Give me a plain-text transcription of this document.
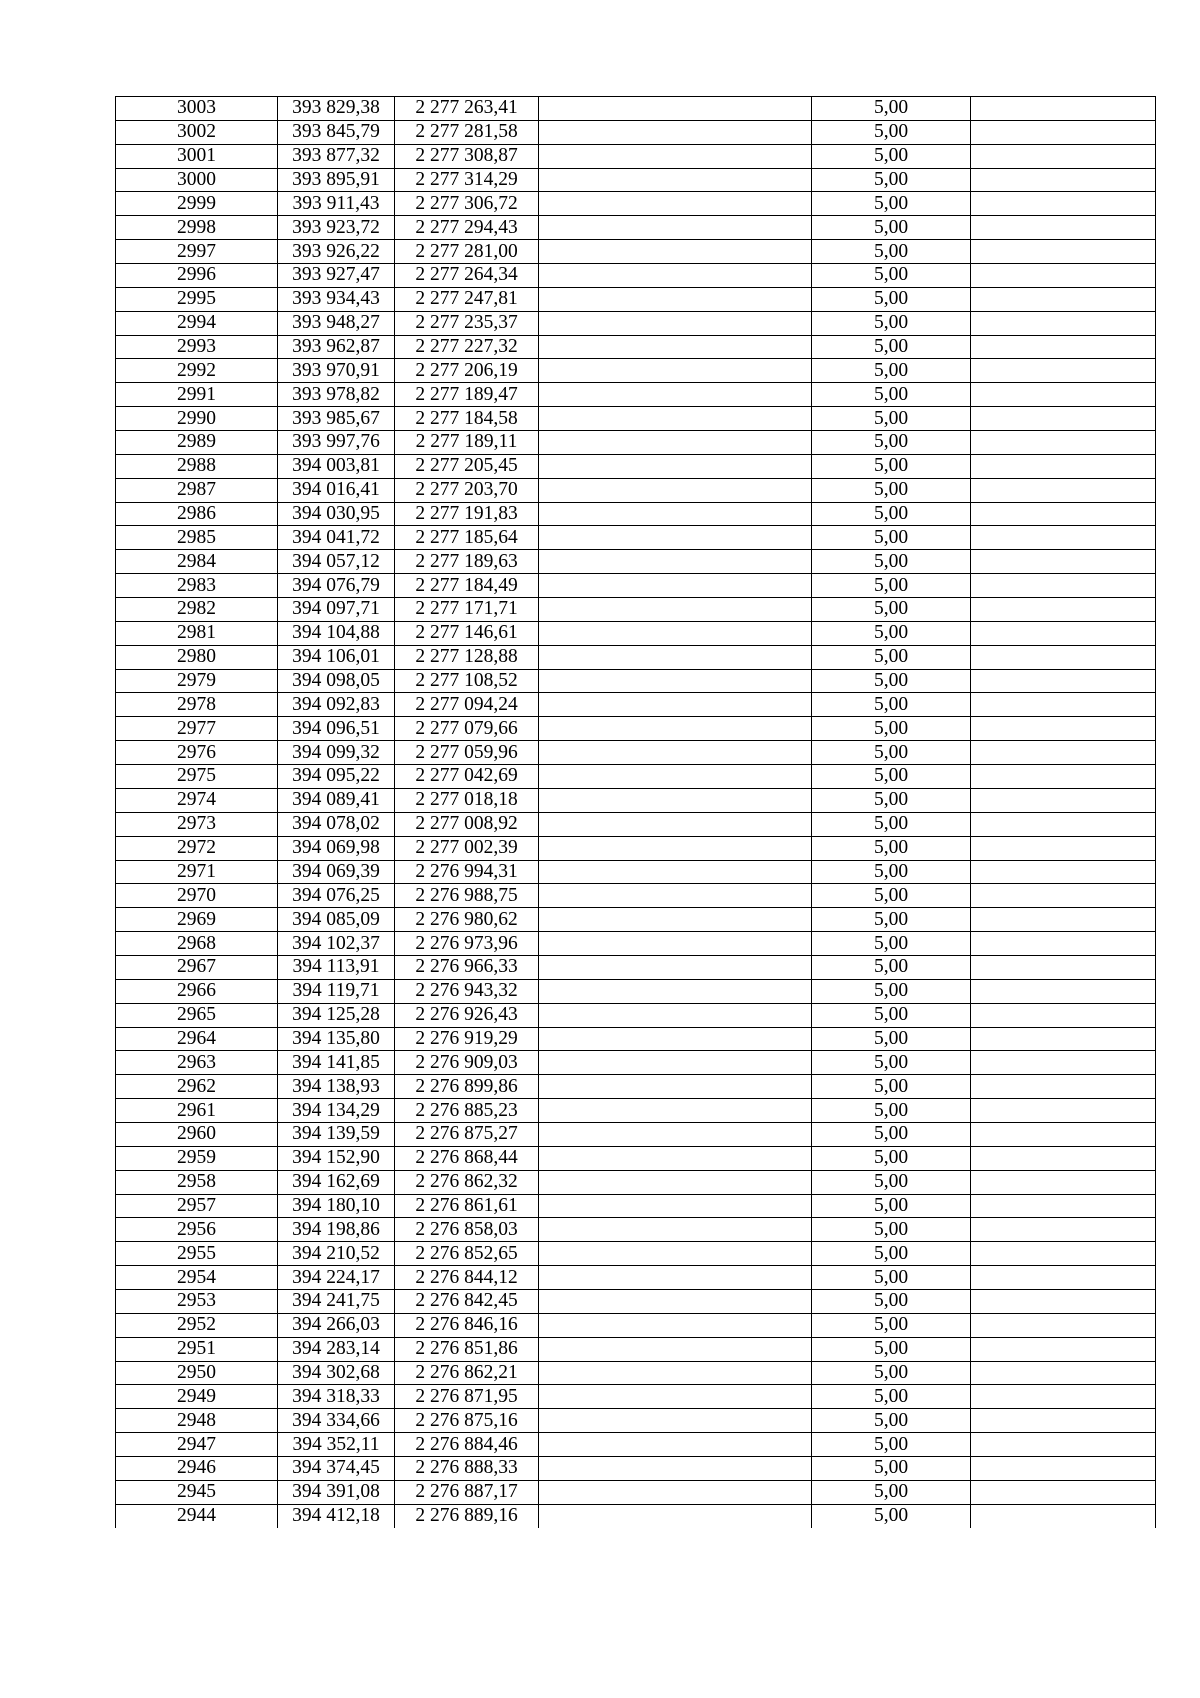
3003	393 829,38	2 277 263,41		5,00	
3002	393 845,79	2 277 281,58		5,00	
3001	393 877,32	2 277 308,87		5,00	
3000	393 895,91	2 277 314,29		5,00	
2999	393 911,43	2 277 306,72		5,00	
2998	393 923,72	2 277 294,43		5,00	
2997	393 926,22	2 277 281,00		5,00	
2996	393 927,47	2 277 264,34		5,00	
2995	393 934,43	2 277 247,81		5,00	
2994	393 948,27	2 277 235,37		5,00	
2993	393 962,87	2 277 227,32		5,00	
2992	393 970,91	2 277 206,19		5,00	
2991	393 978,82	2 277 189,47		5,00	
2990	393 985,67	2 277 184,58		5,00	
2989	393 997,76	2 277 189,11		5,00	
2988	394 003,81	2 277 205,45		5,00	
2987	394 016,41	2 277 203,70		5,00	
2986	394 030,95	2 277 191,83		5,00	
2985	394 041,72	2 277 185,64		5,00	
2984	394 057,12	2 277 189,63		5,00	
2983	394 076,79	2 277 184,49		5,00	
2982	394 097,71	2 277 171,71		5,00	
2981	394 104,88	2 277 146,61		5,00	
2980	394 106,01	2 277 128,88		5,00	
2979	394 098,05	2 277 108,52		5,00	
2978	394 092,83	2 277 094,24		5,00	
2977	394 096,51	2 277 079,66		5,00	
2976	394 099,32	2 277 059,96		5,00	
2975	394 095,22	2 277 042,69		5,00	
2974	394 089,41	2 277 018,18		5,00	
2973	394 078,02	2 277 008,92		5,00	
2972	394 069,98	2 277 002,39		5,00	
2971	394 069,39	2 276 994,31		5,00	
2970	394 076,25	2 276 988,75		5,00	
2969	394 085,09	2 276 980,62		5,00	
2968	394 102,37	2 276 973,96		5,00	
2967	394 113,91	2 276 966,33		5,00	
2966	394 119,71	2 276 943,32		5,00	
2965	394 125,28	2 276 926,43		5,00	
2964	394 135,80	2 276 919,29		5,00	
2963	394 141,85	2 276 909,03		5,00	
2962	394 138,93	2 276 899,86		5,00	
2961	394 134,29	2 276 885,23		5,00	
2960	394 139,59	2 276 875,27		5,00	
2959	394 152,90	2 276 868,44		5,00	
2958	394 162,69	2 276 862,32		5,00	
2957	394 180,10	2 276 861,61		5,00	
2956	394 198,86	2 276 858,03		5,00	
2955	394 210,52	2 276 852,65		5,00	
2954	394 224,17	2 276 844,12		5,00	
2953	394 241,75	2 276 842,45		5,00	
2952	394 266,03	2 276 846,16		5,00	
2951	394 283,14	2 276 851,86		5,00	
2950	394 302,68	2 276 862,21		5,00	
2949	394 318,33	2 276 871,95		5,00	
2948	394 334,66	2 276 875,16		5,00	
2947	394 352,11	2 276 884,46		5,00	
2946	394 374,45	2 276 888,33		5,00	
2945	394 391,08	2 276 887,17		5,00	
2944	394 412,18	2 276 889,16		5,00	
